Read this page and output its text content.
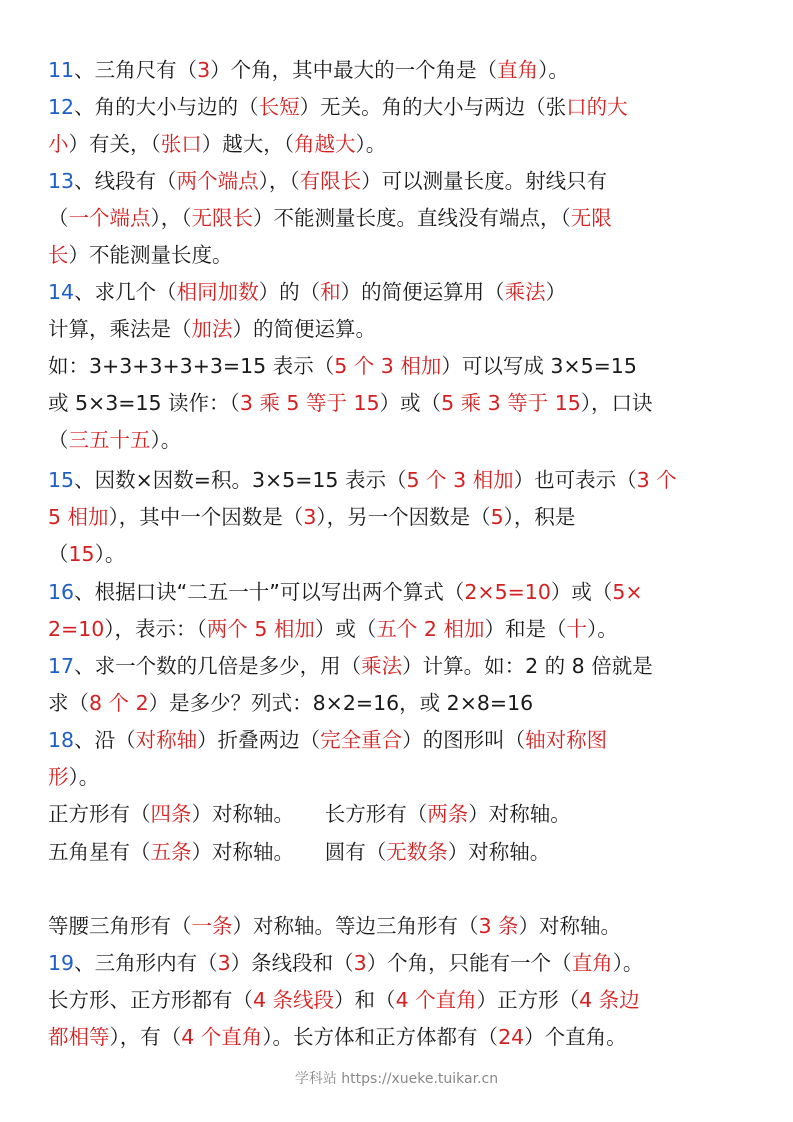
11、三角尺有（3）个角，其中最大的一个角是（直角）。
12、角的大小与边的（长短）无关。角的大小与两边（张口的大
小）有关，（张口）越大，（角越大）。
13、线段有（两个端点），（有限长）可以测量长度。射线只有
（一个端点），（无限长）不能测量长度。直线没有端点，（无限
长）不能测量长度。
14、求几个（相同加数）的（和）的简便运算用（乘法）
计算，乘法是（加法）的简便运算。
如：3+3+3+3+3=15 表示（5 个 3 相加）可以写成 3×5=15
或 5×3=15 读作：（3 乘 5 等于 15）或（5 乘 3 等于 15），口诀
（三五十五）。
15、因数×因数=积。3×5=15 表示（5 个 3 相加）也可表示（3 个
5 相加），其中一个因数是（3），另一个因数是（5），积是
（15）。
16、根据口诀“二五一十”可以写出两个算式（2×5=10）或（5×
2=10），表示：（两个 5 相加）或（五个 2 相加）和是（十）。
17、求一个数的几倍是多少，用（乘法）计算。如：2 的 8 倍就是
求（8 个 2）是多少？列式：8×2=16，或 2×8=16
18、沿（对称轴）折叠两边（完全重合）的图形叫（轴对称图
形）。
正方形有（四条）对称轴。　　长方形有（两条）对称轴。
五角星有（五条）对称轴。　　圆有（无数条）对称轴。
等腰三角形有（一条）对称轴。等边三角形有（3 条）对称轴。
19、三角形内有（3）条线段和（3）个角，只能有一个（直角）。
长方形、正方形都有（4 条线段）和（4 个直角）正方形（4 条边
都相等），有（4 个直角）。长方体和正方体都有（24）个直角。
学科站 https://xueke.tuikar.cn
